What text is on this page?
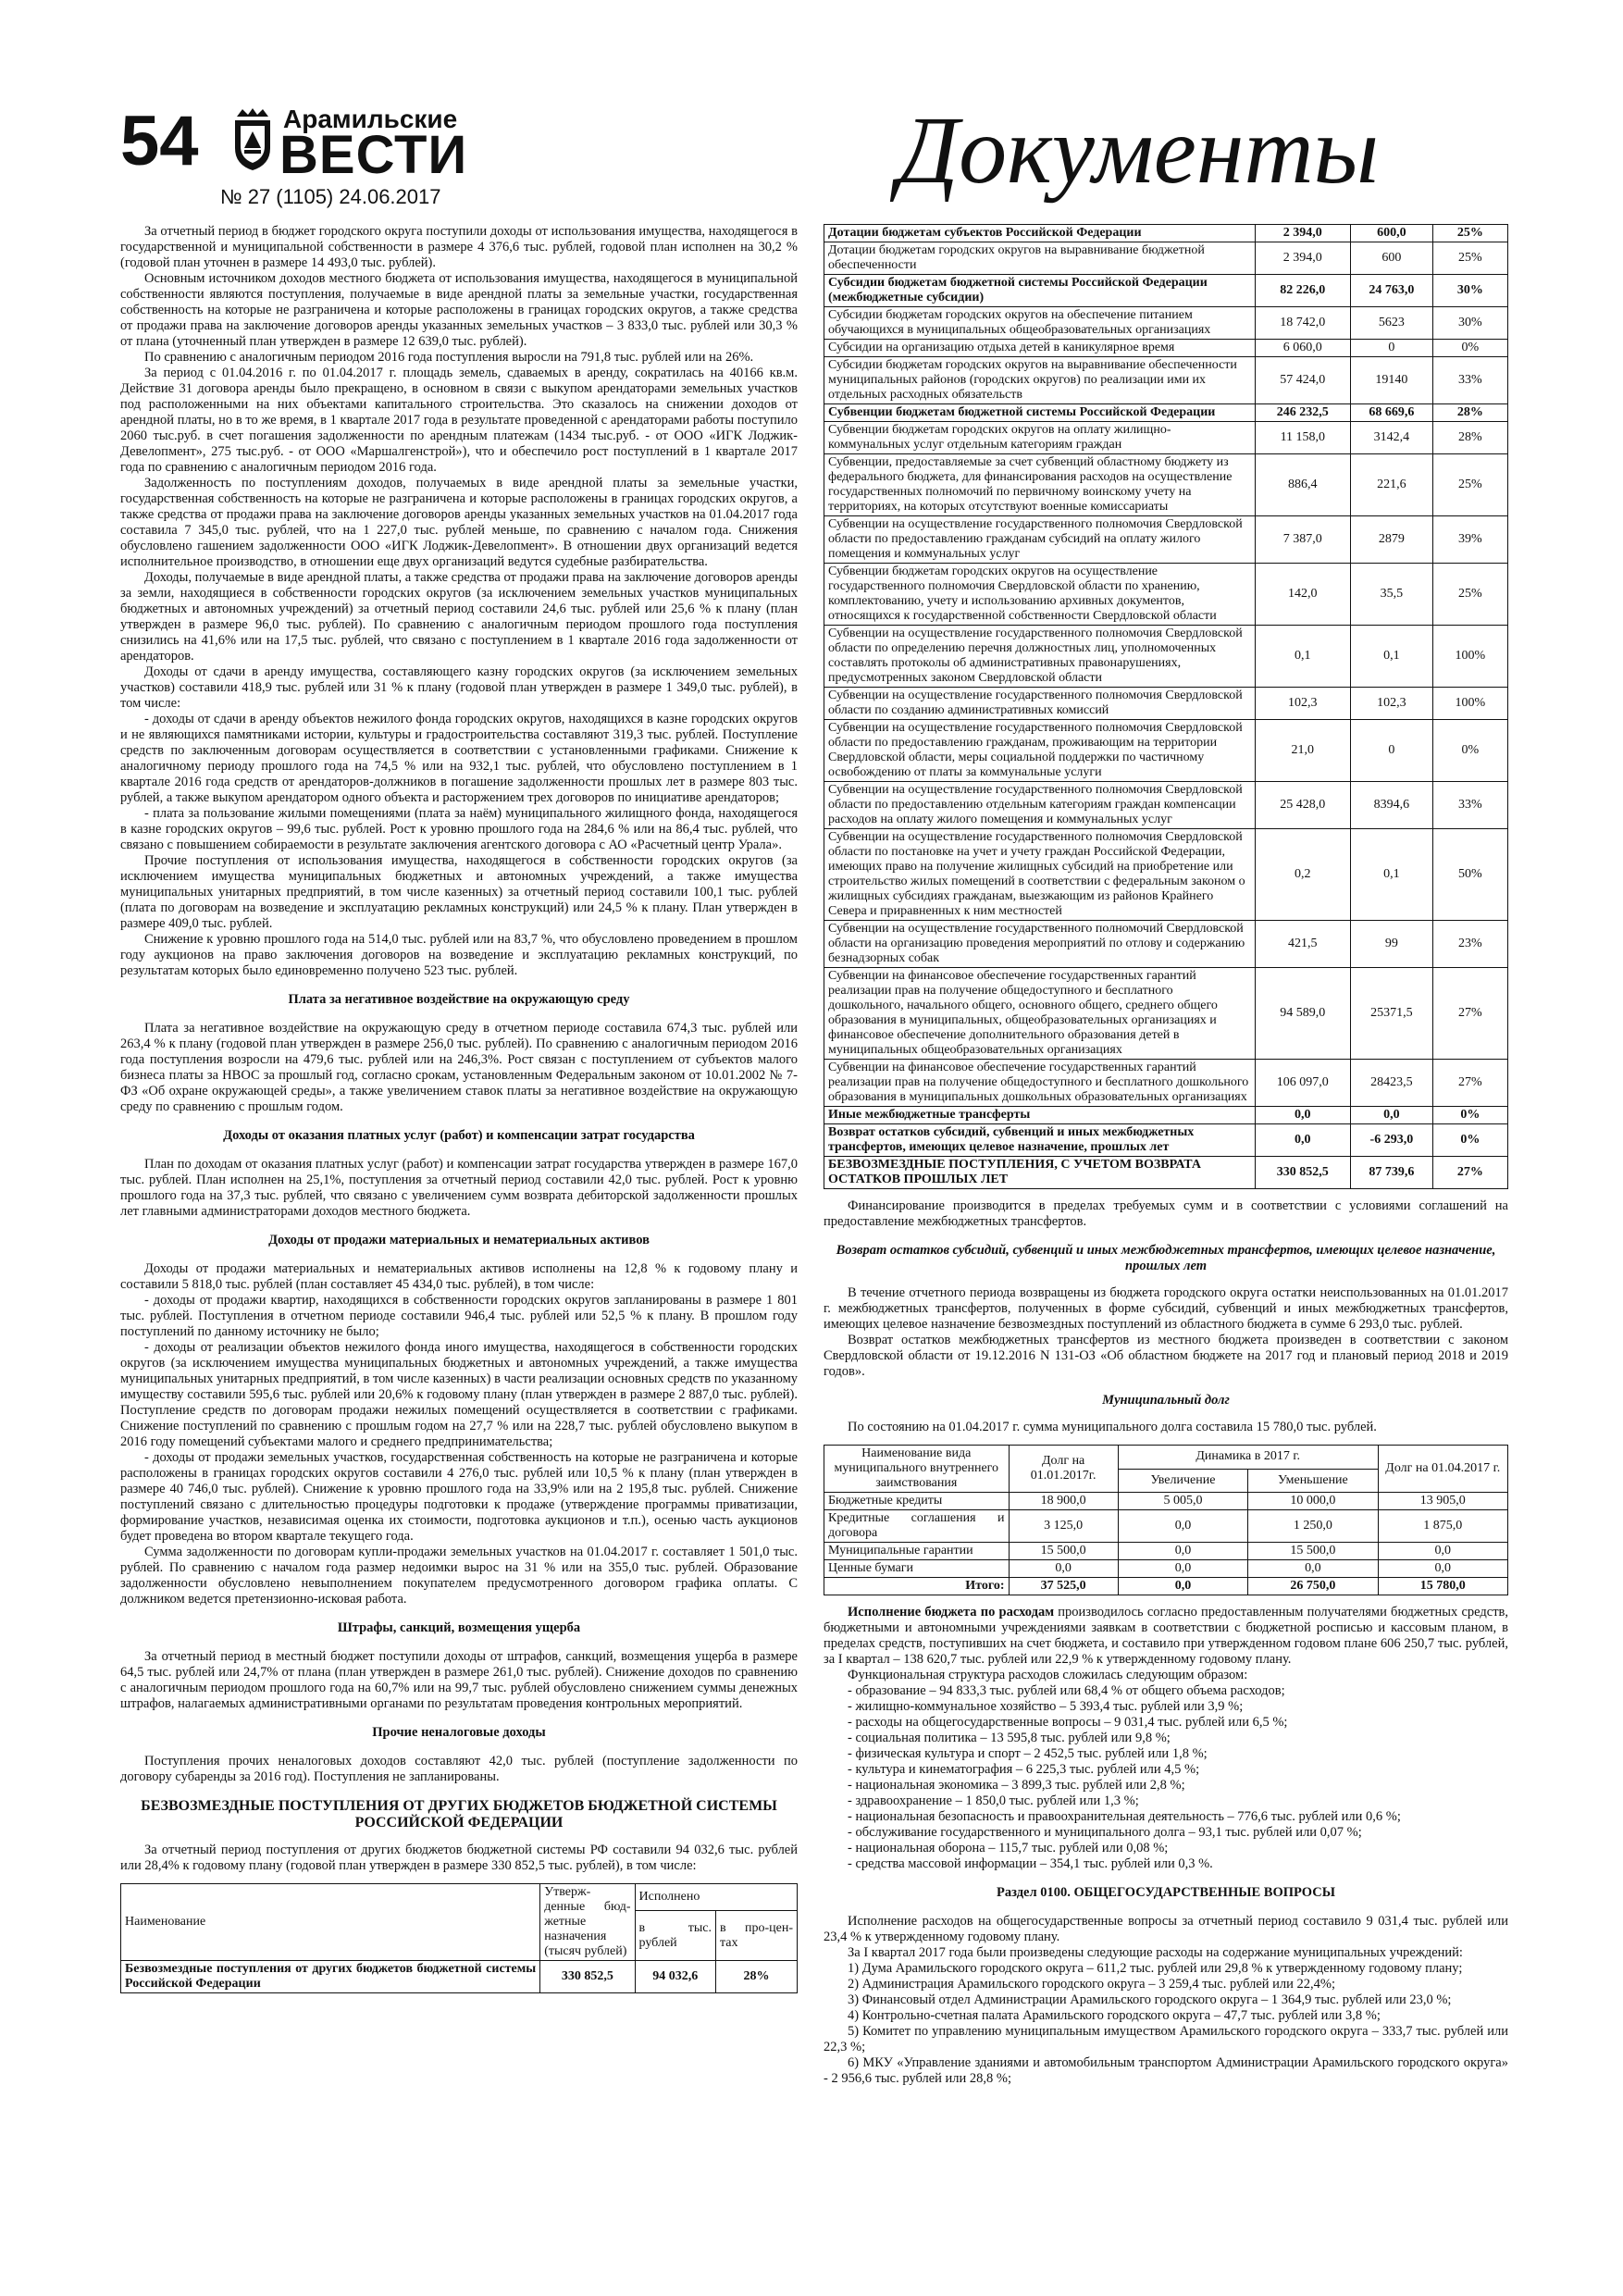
54	Арамильские
ВЕСТИ
№ 27 (1105) 24.06.2017	Документы

За отчетный период в бюджет городского округа поступили доходы от использования имущества, находящегося в государственной и муниципальной собственности в размере 4 376,6 тыс. рублей, годовой план исполнен на 30,2 % (годовой план уточнен в размере 14 493,0 тыс. рублей).

Основным источником доходов местного бюджета от использования имущества, находящегося в муниципальной собственности являются поступления, получаемые в виде арендной платы за земельные участки, государственная собственность на которые не разграничена и которые расположены в границах городских округов, а также средства от продажи права на заключение договоров аренды указанных земельных участков – 3 833,0 тыс. рублей или 30,3 % от плана (уточненный план утвержден в размере 12 639,0 тыс. рублей).

По сравнению с аналогичным периодом 2016 года поступления выросли на 791,8 тыс. рублей или на 26%.

За период с 01.04.2016 г. по 01.04.2017 г. площадь земель, сдаваемых в аренду, сократилась на 40166 кв.м. Действие 31 договора аренды было прекращено, в основном в связи с выкупом арендаторами земельных участков под расположенными на них объектами капитального строительства. Это сказалось на снижении доходов от арендной платы, но в то же время, в 1 квартале 2017 года в результате проведенной с арендаторами работы поступило 2060 тыс.руб. в счет погашения задолженности по арендным платежам (1434 тыс.руб. - от ООО «ИГК Лоджик-Девелопмент», 275 тыс.руб. - от ООО «Маршалгенстрой»), что и обеспечило рост поступлений в 1 квартале 2017 года по сравнению с аналогичным периодом 2016 года.

Задолженность по поступлениям доходов, получаемых в виде арендной платы за земельные участки, государственная собственность на которые не разграничена и которые расположены в границах городских округов, а также средства от продажи права на заключение договоров аренды указанных земельных участков на 01.04.2017 года составила 7 345,0 тыс. рублей, что на 1 227,0 тыс. рублей меньше, по сравнению с началом года. Снижения обусловлено гашением задолженности ООО «ИГК Лоджик-Девелопмент». В отношении двух организаций ведется исполнительное производство, в отношении еще двух организаций ведутся судебные разбирательства.

Доходы, получаемые в виде арендной платы, а также средства от продажи права на заключение договоров аренды за земли, находящиеся в собственности городских округов (за исключением земельных участков муниципальных бюджетных и автономных учреждений) за отчетный период составили 24,6 тыс. рублей или 25,6 % к плану (план утвержден в размере 96,0 тыс. рублей). По сравнению с аналогичным периодом прошлого года поступления снизились на 41,6% или на 17,5 тыс. рублей, что связано с поступлением в 1 квартале 2016 года задолженности от арендаторов.

Доходы от сдачи в аренду имущества, составляющего казну городских округов (за исключением земельных участков) составили 418,9 тыс. рублей или 31 % к плану (годовой план утвержден в размере 1 349,0 тыс. рублей), в том числе:

- доходы от сдачи в аренду объектов нежилого фонда городских округов, находящихся в казне городских округов и не являющихся памятниками истории, культуры и градостроительства составляют 319,3 тыс. рублей. Поступление средств по заключенным договорам осуществляется в соответствии с установленными графиками. Снижение к аналогичному периоду прошлого года на 74,5 % или на 932,1 тыс. рублей, что обусловлено поступлением в 1 квартале 2016 года средств от арендаторов-должников в погашение задолженности прошлых лет в размере 803 тыс. рублей, а также выкупом арендатором одного объекта и расторжением трех договоров по инициативе арендаторов;

- плата за пользование жилыми помещениями (плата за наём) муниципального жилищного фонда, находящегося в казне городских округов – 99,6 тыс. рублей. Рост к уровню прошлого года на 284,6 % или на 86,4 тыс. рублей, что связано с повышением собираемости в результате заключения агентского договора с АО «Расчетный центр Урала».

Прочие поступления от использования имущества, находящегося в собственности городских округов (за исключением имущества муниципальных бюджетных и автономных учреждений, а также имущества муниципальных унитарных предприятий, в том числе казенных) за отчетный период составили 100,1 тыс. рублей (плата по договорам на возведение и эксплуатацию рекламных конструкций) или 24,5 % к плану. План утвержден в размере 409,0 тыс. рублей.

Снижение к уровню прошлого года на 514,0 тыс. рублей или на 83,7 %, что обусловлено проведением в прошлом году аукционов на право заключения договоров на возведение и эксплуатацию рекламных конструкций, по результатам которых было единовременно получено 523 тыс. рублей.

Плата за негативное воздействие на окружающую среду

Плата за негативное воздействие на окружающую среду в отчетном периоде составила 674,3 тыс. рублей или 263,4 % к плану (годовой план утвержден в размере 256,0 тыс. рублей). По сравнению с аналогичным периодом 2016 года поступления возросли на 479,6 тыс. рублей или на 246,3%. Рост связан с поступлением от субъектов малого бизнеса платы за НВОС за прошлый год, согласно срокам, установленным Федеральным законом от 10.01.2002 № 7-ФЗ «Об охране окружающей среды», а также увеличением ставок платы за негативное воздействие на окружающую среду по сравнению с прошлым годом.

Доходы от оказания платных услуг (работ) и компенсации затрат государства

План по доходам от оказания платных услуг (работ) и компенсации затрат государства утвержден в размере 167,0 тыс. рублей. План исполнен на 25,1%, поступления за отчетный период составили 42,0 тыс. рублей. Рост к уровню прошлого года на 37,3 тыс. рублей, что связано с увеличением сумм возврата дебиторской задолженности прошлых лет главными администраторами доходов местного бюджета.

Доходы от продажи материальных и нематериальных активов

Доходы от продажи материальных и нематериальных активов исполнены на 12,8 % к годовому плану и составили 5 818,0 тыс. рублей (план составляет 45 434,0 тыс. рублей), в том числе:

- доходы от продажи квартир, находящихся в собственности городских округов запланированы в размере 1 801 тыс. рублей. Поступления в отчетном периоде составили 946,4 тыс. рублей или 52,5 % к плану. В прошлом году поступлений по данному источнику не было;

- доходы от реализации объектов нежилого фонда иного имущества, находящегося в собственности городских округов (за исключением имущества муниципальных бюджетных и автономных учреждений, а также имущества муниципальных унитарных предприятий, в том числе казенных) в части реализации основных средств по указанному имуществу составили 595,6 тыс. рублей или 20,6% к годовому плану (план утвержден в размере 2 887,0 тыс. рублей). Поступление средств по договорам продажи нежилых помещений осуществляется в соответствии с графиками. Снижение поступлений по сравнению с прошлым годом на 27,7 % или на 228,7 тыс. рублей обусловлено выкупом в 2016 году помещений субъектами малого и среднего предпринимательства;

- доходы от продажи земельных участков, государственная собственность на которые не разграничена и которые расположены в границах городских округов составили 4 276,0 тыс. рублей или 10,5 % к плану (план утвержден в размере 40 746,0 тыс. рублей). Снижение к уровню прошлого года на 33,9% или на 2 195,8 тыс. рублей. Снижение поступлений связано с длительностью процедуры подготовки к продаже (утверждение программы приватизации, формирование участков, независимая оценка их стоимости, подготовка аукционов и т.п.), осенью часть аукционов будет проведена во втором квартале текущего года.

Сумма задолженности по договорам купли-продажи земельных участков на 01.04.2017 г. составляет 1 501,0 тыс. рублей. По сравнению с началом года размер недоимки вырос на 31 % или на 355,0 тыс. рублей. Образование задолженности обусловлено невыполнением покупателем предусмотренного договором графика оплаты. С должником ведется претензионно-исковая работа.

Штрафы, санкций, возмещения ущерба

За отчетный период в местный бюджет поступили доходы от штрафов, санкций, возмещения ущерба в размере 64,5 тыс. рублей или 24,7% от плана (план утвержден в размере 261,0 тыс. рублей). Снижение доходов по сравнению с аналогичным периодом прошлого года на 60,7% или на 99,7 тыс. рублей обусловлено снижением суммы денежных штрафов, налагаемых административными органами по результатам проведения контрольных мероприятий.

Прочие неналоговые доходы

Поступления прочих неналоговых доходов составляют 42,0 тыс. рублей (поступление задолженности по договору субаренды за 2016 год). Поступления не запланированы.

БЕЗВОЗМЕЗДНЫЕ ПОСТУПЛЕНИЯ ОТ ДРУГИХ БЮДЖЕТОВ БЮДЖЕТНОЙ СИСТЕМЫ РОССИЙСКОЙ ФЕДЕРАЦИИ

За отчетный период поступления от других бюджетов бюджетной системы РФ составили 94 032,6 тыс. рублей или 28,4% к годовому плану (годовой план утвержден в размере 330 852,5 тыс. рублей), в том числе:

Наименование	Утверж-денные бюд-жетные назначения (тысяч рублей)	Исполнено	
		в тыс. рублей	в про-цен-тах
Безвозмездные поступления от других бюджетов бюджетной системы Российской Федерации	330 852,5	94 032,6	28%
Дотации бюджетам субъектов Российской Федерации	2 394,0	600,0	25%
Дотации бюджетам городских округов на выравнивание бюджетной обеспеченности	2 394,0	600	25%
Субсидии бюджетам бюджетной системы Российской Федерации (межбюджетные субсидии)	82 226,0	24 763,0	30%
Субсидии бюджетам городских округов на обеспечение питанием обучающихся в муниципальных общеобразовательных организациях	18 742,0	5623	30%
Субсидии на организацию отдыха детей в каникулярное время	6 060,0	0	0%
Субсидии бюджетам городских округов на выравнивание обеспеченности муниципальных районов (городских округов) по реализации ими их отдельных расходных обязательств	57 424,0	19140	33%
Субвенции бюджетам бюджетной системы Российской Федерации	246 232,5	68 669,6	28%
Субвенции бюджетам городских округов на оплату жилищно-коммунальных услуг отдельным категориям граждан	11 158,0	3142,4	28%
Субвенции, предоставляемые за счет субвенций областному бюджету из федерального бюджета, для финансирования расходов на осуществление государственных полномочий по первичному воинскому учету на территориях, на которых отсутствуют военные комиссариаты	886,4	221,6	25%
Субвенции на осуществление государственного полномочия Свердловской области по предоставлению гражданам субсидий на оплату жилого помещения и коммунальных услуг	7 387,0	2879	39%
Субвенции бюджетам городских округов на осуществление государственного полномочия Свердловской области по хранению, комплектованию, учету и использованию архивных документов, относящихся к государственной собственности Свердловской области	142,0	35,5	25%
Субвенции на осуществление государственного полномочия Свердловской области по определению перечня должностных лиц, уполномоченных составлять протоколы об административных правонарушениях, предусмотренных законом Свердловской области	0,1	0,1	100%
Субвенции на осуществление государственного полномочия Свердловской области по созданию административных комиссий	102,3	102,3	100%
Субвенции на осуществление государственного полномочия Свердловской области по предоставлению гражданам, проживающим на территории Свердловской области, меры социальной поддержки по частичному освобождению от платы за коммунальные услуги	21,0	0	0%
Субвенции на осуществление государственного полномочия Свердловской области по предоставлению отдельным категориям граждан компенсации расходов на оплату жилого помещения и коммунальных услуг	25 428,0	8394,6	33%
Субвенции на осуществление государственного полномочия Свердловской области по постановке на учет и учету граждан Российской Федерации, имеющих право на получение жилищных субсидий на приобретение или строительство жилых помещений в соответствии с федеральным законом о жилищных субсидиях гражданам, выезжающим из районов Крайнего Севера и приравненных к ним местностей	0,2	0,1	50%
Субвенции на осуществление государственного полномочий Свердловской области на организацию проведения мероприятий по отлову и содержанию безнадзорных собак	421,5	99	23%
Субвенции на финансовое обеспечение государственных гарантий реализации прав на получение общедоступного и бесплатного дошкольного, начального общего, основного общего, среднего общего образования в муниципальных, общеобразовательных организациях и финансовое обеспечение дополнительного образования детей в муниципальных общеобразовательных организациях	94 589,0	25371,5	27%
Субвенции на финансовое обеспечение государственных гарантий реализации прав на получение общедоступного и бесплатного дошкольного образования в муниципальных дошкольных образовательных организациях	106 097,0	28423,5	27%
Иные межбюджетные трансферты	0,0	0,0	0%
Возврат остатков субсидий, субвенций и иных межбюджетных трансфертов, имеющих целевое назначение, прошлых лет	0,0	-6 293,0	0%
БЕЗВОЗМЕЗДНЫЕ ПОСТУПЛЕНИЯ, С УЧЕТОМ ВОЗВРАТА ОСТАТКОВ ПРОШЛЫХ ЛЕТ	330 852,5	87 739,6	27%

Финансирование производится в пределах требуемых сумм и в соответствии с условиями соглашений на предоставление межбюджетных трансфертов.

Возврат остатков субсидий, субвенций и иных межбюджетных трансфертов, имеющих целевое назначение, прошлых лет

В течение отчетного периода возвращены из бюджета городского округа остатки неиспользованных на 01.01.2017 г. межбюджетных трансфертов, полученных в форме субсидий, субвенций и иных межбюджетных трансфертов, имеющих целевое назначение безвозмездных поступлений из областного бюджета в сумме 6 293,0 тыс. рублей.

Возврат остатков межбюджетных трансфертов из местного бюджета произведен в соответствии с законом Свердловской области от 19.12.2016 N 131-ОЗ «Об областном бюджете на 2017 год и плановый период 2018 и 2019 годов».

Муниципальный долг

По состоянию на 01.04.2017 г. сумма муниципального долга составила 15 780,0 тыс. рублей.

Наименование вида муниципального внутреннего заимствования	Долг на 01.01.2017г.	Динамика в 2017 г.		Долг на 01.04.2017 г.
		Увеличение	Уменьшение	
Бюджетные кредиты	18 900,0	5 005,0	10 000,0	13 905,0
Кредитные соглашения и договора	3 125,0	0,0	1 250,0	1 875,0
Муниципальные гарантии	15 500,0	0,0	15 500,0	0,0
Ценные бумаги	0,0	0,0	0,0	0,0
Итого:	37 525,0	0,0	26 750,0	15 780,0

Исполнение бюджета по расходам производилось согласно предоставленным получателями бюджетных средств, бюджетными и автономными учреждениями заявкам в соответствии с бюджетной росписью и кассовым планом, в пределах средств, поступивших на счет бюджета, и составило при утвержденном годовом плане 606 250,7 тыс. рублей, за I квартал – 138 620,7 тыс. рублей или 22,9 % к утвержденному годовому плану.

Функциональная структура расходов сложилась следующим образом:

- образование – 94 833,3 тыс. рублей или 68,4 % от общего объема расходов;

- жилищно-коммунальное хозяйство – 5 393,4 тыс. рублей или 3,9 %;

- расходы на общегосударственные вопросы – 9 031,4 тыс. рублей или 6,5 %;

- социальная политика – 13 595,8 тыс. рублей или 9,8 %;

- физическая культура и спорт – 2 452,5 тыс. рублей или 1,8 %;

- культура и кинематография – 6 225,3 тыс. рублей или 4,5 %;

- национальная экономика – 3 899,3 тыс. рублей или 2,8 %;

- здравоохранение – 1 850,0 тыс. рублей или 1,3 %;

- национальная безопасность и правоохранительная деятельность – 776,6 тыс. рублей или 0,6 %;

- обслуживание государственного и муниципального долга – 93,1 тыс. рублей или 0,07 %;

- национальная оборона – 115,7 тыс. рублей или 0,08 %;

- средства массовой информации – 354,1 тыс. рублей или 0,3 %.

Раздел 0100. ОБЩЕГОСУДАРСТВЕННЫЕ ВОПРОСЫ

Исполнение расходов на общегосударственные вопросы за отчетный период составило 9 031,4 тыс. рублей или 23,4 % к утвержденному годовому плану.

За I квартал 2017 года были произведены следующие расходы на содержание муниципальных учреждений:

1) Дума Арамильского городского округа – 611,2 тыс. рублей или 29,8 % к утвержденному годовому плану;

2) Администрация Арамильского городского округа – 3 259,4 тыс. рублей или 22,4%;

3) Финансовый отдел Администрации Арамильского городского округа – 1 364,9 тыс. рублей или 23,0 %;

4) Контрольно-счетная палата Арамильского городского округа – 47,7 тыс. рублей или 3,8 %;

5) Комитет по управлению муниципальным имуществом Арамильского городского округа – 333,7 тыс. рублей или 22,3 %;

6) МКУ «Управление зданиями и автомобильным транспортом Администрации Арамильского городского округа» - 2 956,6 тыс. рублей или 28,8 %;
